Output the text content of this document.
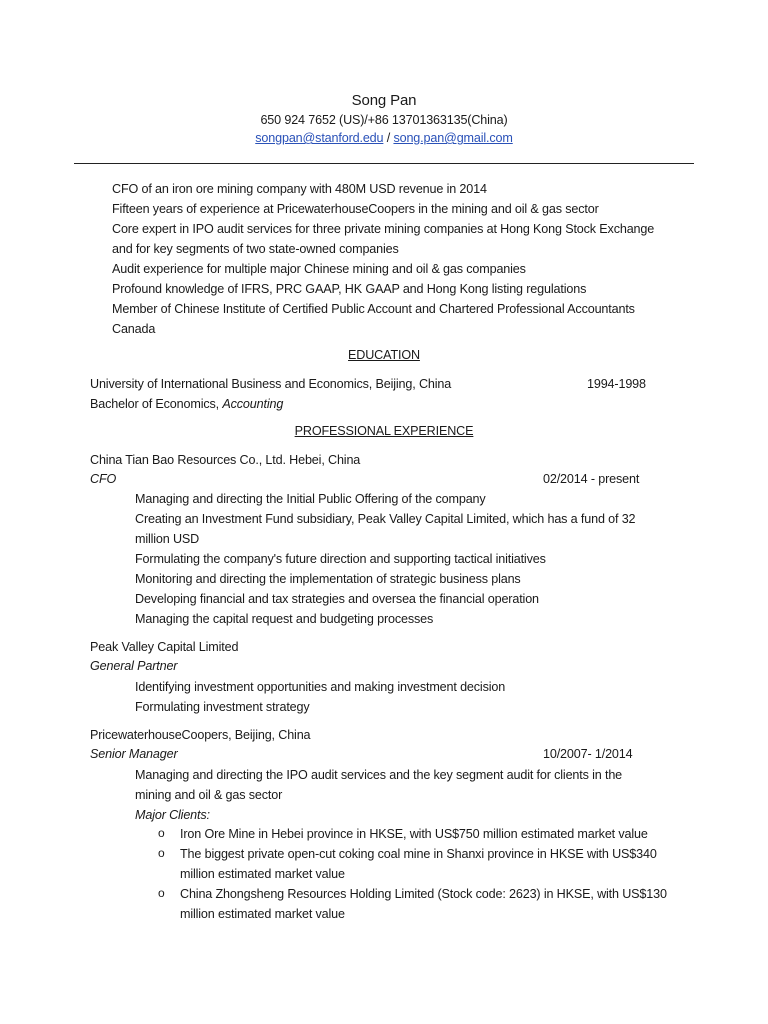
Song Pan
650 924 7652 (US)/+86 13701363135(China)
songpan@stanford.edu / song.pan@gmail.com
CFO of an iron ore mining company with 480M USD revenue in 2014
Fifteen years of experience at PricewaterhouseCoopers in the mining and oil & gas sector
Core expert in IPO audit services for three private mining companies at Hong Kong Stock Exchange
and for key segments of two state-owned companies
Audit experience for multiple major Chinese mining and oil & gas companies
Profound knowledge of IFRS, PRC GAAP, HK GAAP and Hong Kong listing regulations
Member of Chinese Institute of Certified Public Account and Chartered Professional Accountants
Canada
EDUCATION
University of International Business and Economics, Beijing, China	1994-1998
Bachelor of Economics, Accounting
PROFESSIONAL EXPERIENCE
China Tian Bao Resources Co., Ltd. Hebei, China
CFO	02/2014 - present
Managing and directing the Initial Public Offering of the company
Creating an Investment Fund subsidiary, Peak Valley Capital Limited, which has a fund of 32
million USD
Formulating the company's future direction and supporting tactical initiatives
Monitoring and directing the implementation of strategic business plans
Developing financial and tax strategies and oversea the financial operation
Managing the capital request and budgeting processes
Peak Valley Capital Limited
General Partner
Identifying investment opportunities and making investment decision
Formulating investment strategy
PricewaterhouseCoopers, Beijing, China
Senior Manager	10/2007- 1/2014
Managing and directing the IPO audit services and the key segment audit for clients in the
mining and oil & gas sector
Major Clients:
o Iron Ore Mine in Hebei province in HKSE, with US$750 million estimated market value
o The biggest private open-cut coking coal mine in Shanxi province in HKSE with US$340
million estimated market value
o China Zhongsheng Resources Holding Limited (Stock code: 2623) in HKSE, with US$130
million estimated market value
